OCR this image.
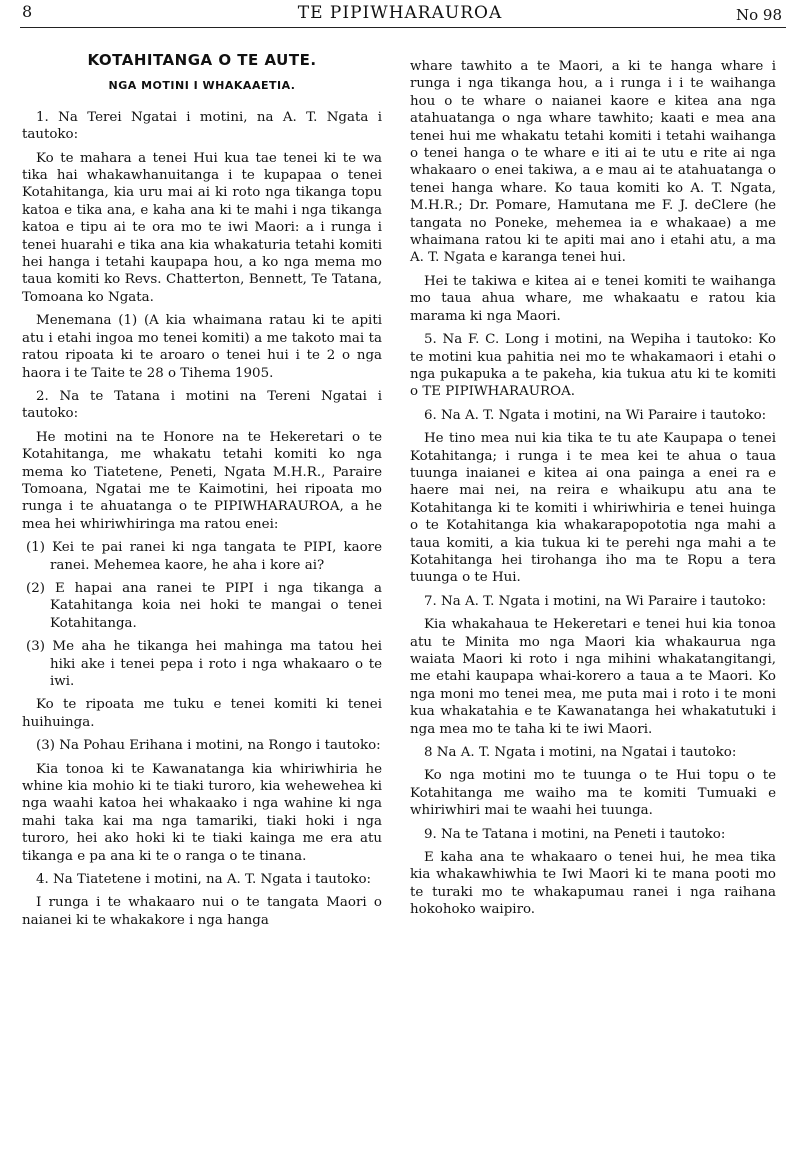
8	TE PIPIWHARAUROA	No 98
KOTAHITANGA O TE AUTE.
NGA MOTINI I WHAKAAETIA.

1. Na Terei Ngatai i motini, na A. T. Ngata i tautoko:

Ko te mahara a tenei Hui kua tae tenei ki te wa tika hai whakawhanuitanga i te kupapaa o tenei Kotahitanga, kia uru mai ai ki roto nga tikanga topu katoa e tika ana, e kaha ana ki te mahi i nga tikanga katoa e tipu ai te ora mo te iwi Maori: a i runga i tenei huarahi e tika ana kia whakaturia tetahi komiti hei hanga i tetahi kaupapa hou, a ko nga mema mo taua komiti ko Revs. Chatterton, Bennett, Te Tatana, Tomoana ko Ngata.

Menemana (1) (A kia whaimana ratau ki te apiti atu i etahi ingoa mo tenei komiti) a me takoto mai ta ratou ripoata ki te aroaro o tenei hui i te 2 o nga haora i te Taite te 28 o Tihema 1905.

2. Na te Tatana i motini na Tereni Ngatai i tautoko:

He motini na te Honore na te Hekeretari o te Kotahitanga, me whakatu tetahi komiti ko nga mema ko Tiatetene, Peneti, Ngata M.H.R., Paraire Tomoana, Ngatai me te Kaimotini, hei ripoata mo runga i te ahuatanga o te PIPIWHARAUROA, a he mea hei whiriwhiringa ma ratou enei:

(1) Kei te pai ranei ki nga tangata te PIPI, kaore ranei. Mehemea kaore, he aha i kore ai?

(2) E hapai ana ranei te PIPI i nga tikanga a Katahitanga koia nei hoki te mangai o tenei Kotahitanga.

(3) Me aha he tikanga hei mahinga ma tatou hei hiki ake i tenei pepa i roto i nga whakaaro o te iwi.

Ko te ripoata me tuku e tenei komiti ki tenei huihuinga.

(3) Na Pohau Erihana i motini, na Rongo i tautoko:

Kia tonoa ki te Kawanatanga kia whiriwhiria he whine kia mohio ki te tiaki turoro, kia wehewehea ki nga waahi katoa hei whakaako i nga wahine ki nga mahi taka kai ma nga tamariki, tiaki hoki i nga turoro, hei ako hoki ki te tiaki kainga me era atu tikanga e pa ana ki te o ranga o te tinana.

4. Na Tiatetene i motini, na A. T. Ngata i tautoko:

I runga i te whakaaro nui o te tangata Maori o naianei ki te whakakore i nga hanga

whare tawhito a te Maori, a ki te hanga whare i runga i nga tikanga hou, a i runga i i te waihanga hou o te whare o naianei kaore e kitea ana nga atahuatanga o nga whare tawhito; kaati e mea ana tenei hui me whakatu tetahi komiti i tetahi waihanga o tenei hanga o te whare e iti ai te utu e rite ai nga whakaaro o enei takiwa, a e mau ai te atahuatanga o tenei hanga whare. Ko taua komiti ko A. T. Ngata, M.H.R.; Dr. Pomare, Hamutana me F. J. deClere (he tangata no Poneke, mehemea ia e whakaae) a me whaimana ratou ki te apiti mai ano i etahi atu, a ma A. T. Ngata e karanga tenei hui.

Hei te takiwa e kitea ai e tenei komiti te waihanga mo taua ahua whare, me whakaatu e ratou kia marama ki nga Maori.

5. Na F. C. Long i motini, na Wepiha i tautoko: Ko te motini kua pahitia nei mo te whakamaori i etahi o nga pukapuka a te pakeha, kia tukua atu ki te komiti o TE PIPIWHARAUROA.

6. Na A. T. Ngata i motini, na Wi Paraire i tautoko:

He tino mea nui kia tika te tu ate Kaupapa o tenei Kotahitanga; i runga i te mea kei te ahua o taua tuunga inaianei e kitea ai ona painga a enei ra e haere mai nei, na reira e whaikupu atu ana te Kotahitanga ki te komiti i whiriwhiria e tenei huinga o te Kotahitanga kia whakarapopototia nga mahi a taua komiti, a kia tukua ki te perehi nga mahi a te Kotahitanga hei tirohanga iho ma te Ropu a tera tuunga o te Hui.

7. Na A. T. Ngata i motini, na Wi Paraire i tautoko:

Kia whakahaua te Hekeretari e tenei hui kia tonoa atu te Minita mo nga Maori kia whakaurua nga waiata Maori ki roto i nga mihini whakatangitangi, me etahi kaupapa whai-korero a taua a te Maori. Ko nga moni mo tenei mea, me puta mai i roto i te moni kua whakatahia e te Kawanatanga hei whakatutuki i nga mea mo te taha ki te iwi Maori.

8 Na A. T. Ngata i motini, na Ngatai i tautoko:

Ko nga motini mo te tuunga o te Hui topu o te Kotahitanga me waiho ma te komiti Tumuaki e whiriwhiri mai te waahi hei tuunga.

9. Na te Tatana i motini, na Peneti i tautoko:

E kaha ana te whakaaro o tenei hui, he mea tika kia whakawhiwhia te Iwi Maori ki te mana pooti mo te turaki mo te whakapumau ranei i nga raihana hokohoko waipiro.
